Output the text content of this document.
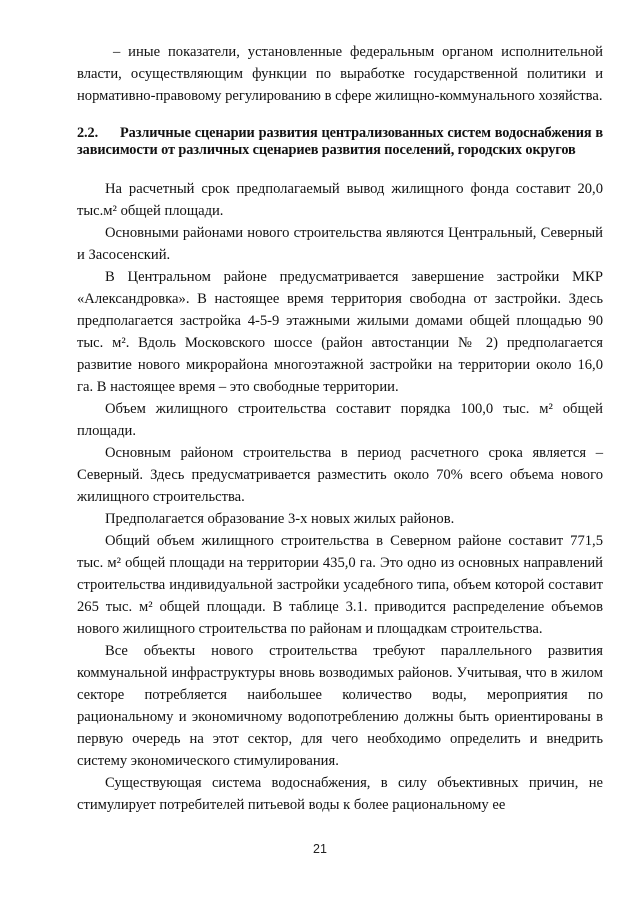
– иные показатели, установленные федеральным органом исполнительной власти, осуществляющим функции по выработке государственной политики и нормативно-правовому регулированию в сфере жилищно-коммунального хозяйства.

2.2. Различные сценарии развития централизованных систем водоснабжения в зависимости от различных сценариев развития поселений, городских округов

На расчетный срок предполагаемый вывод жилищного фонда составит 20,0 тыс.м² общей площади.

Основными районами нового строительства являются Центральный, Северный и Засосенский.

В Центральном районе предусматривается завершение застройки МКР «Александровка». В настоящее время территория свободна от застройки. Здесь предполагается застройка 4-5-9 этажными жилыми домами общей площадью 90 тыс. м². Вдоль Московского шоссе (район автостанции № 2) предполагается развитие нового микрорайона многоэтажной застройки на территории около 16,0 га. В настоящее время – это свободные территории.

Объем жилищного строительства составит порядка 100,0 тыс. м² общей площади.

Основным районом строительства в период расчетного срока является – Северный. Здесь предусматривается разместить около 70% всего объема нового жилищного строительства.

Предполагается образование 3-х новых жилых районов.

Общий объем жилищного строительства в Северном районе составит 771,5 тыс. м² общей площади на территории 435,0 га. Это одно из основных направлений строительства индивидуальной застройки усадебного типа, объем которой составит 265 тыс. м² общей площади. В таблице 3.1. приводится распределение объемов нового жилищного строительства по районам и площадкам строительства.

Все объекты нового строительства требуют параллельного развития коммунальной инфраструктуры вновь возводимых районов. Учитывая, что в жилом секторе потребляется наибольшее количество воды, мероприятия по рациональному и экономичному водопотреблению должны быть ориентированы в первую очередь на этот сектор, для чего необходимо определить и внедрить систему экономического стимулирования.

Существующая система водоснабжения, в силу объективных причин, не стимулирует потребителей питьевой воды к более рациональному ее

21
